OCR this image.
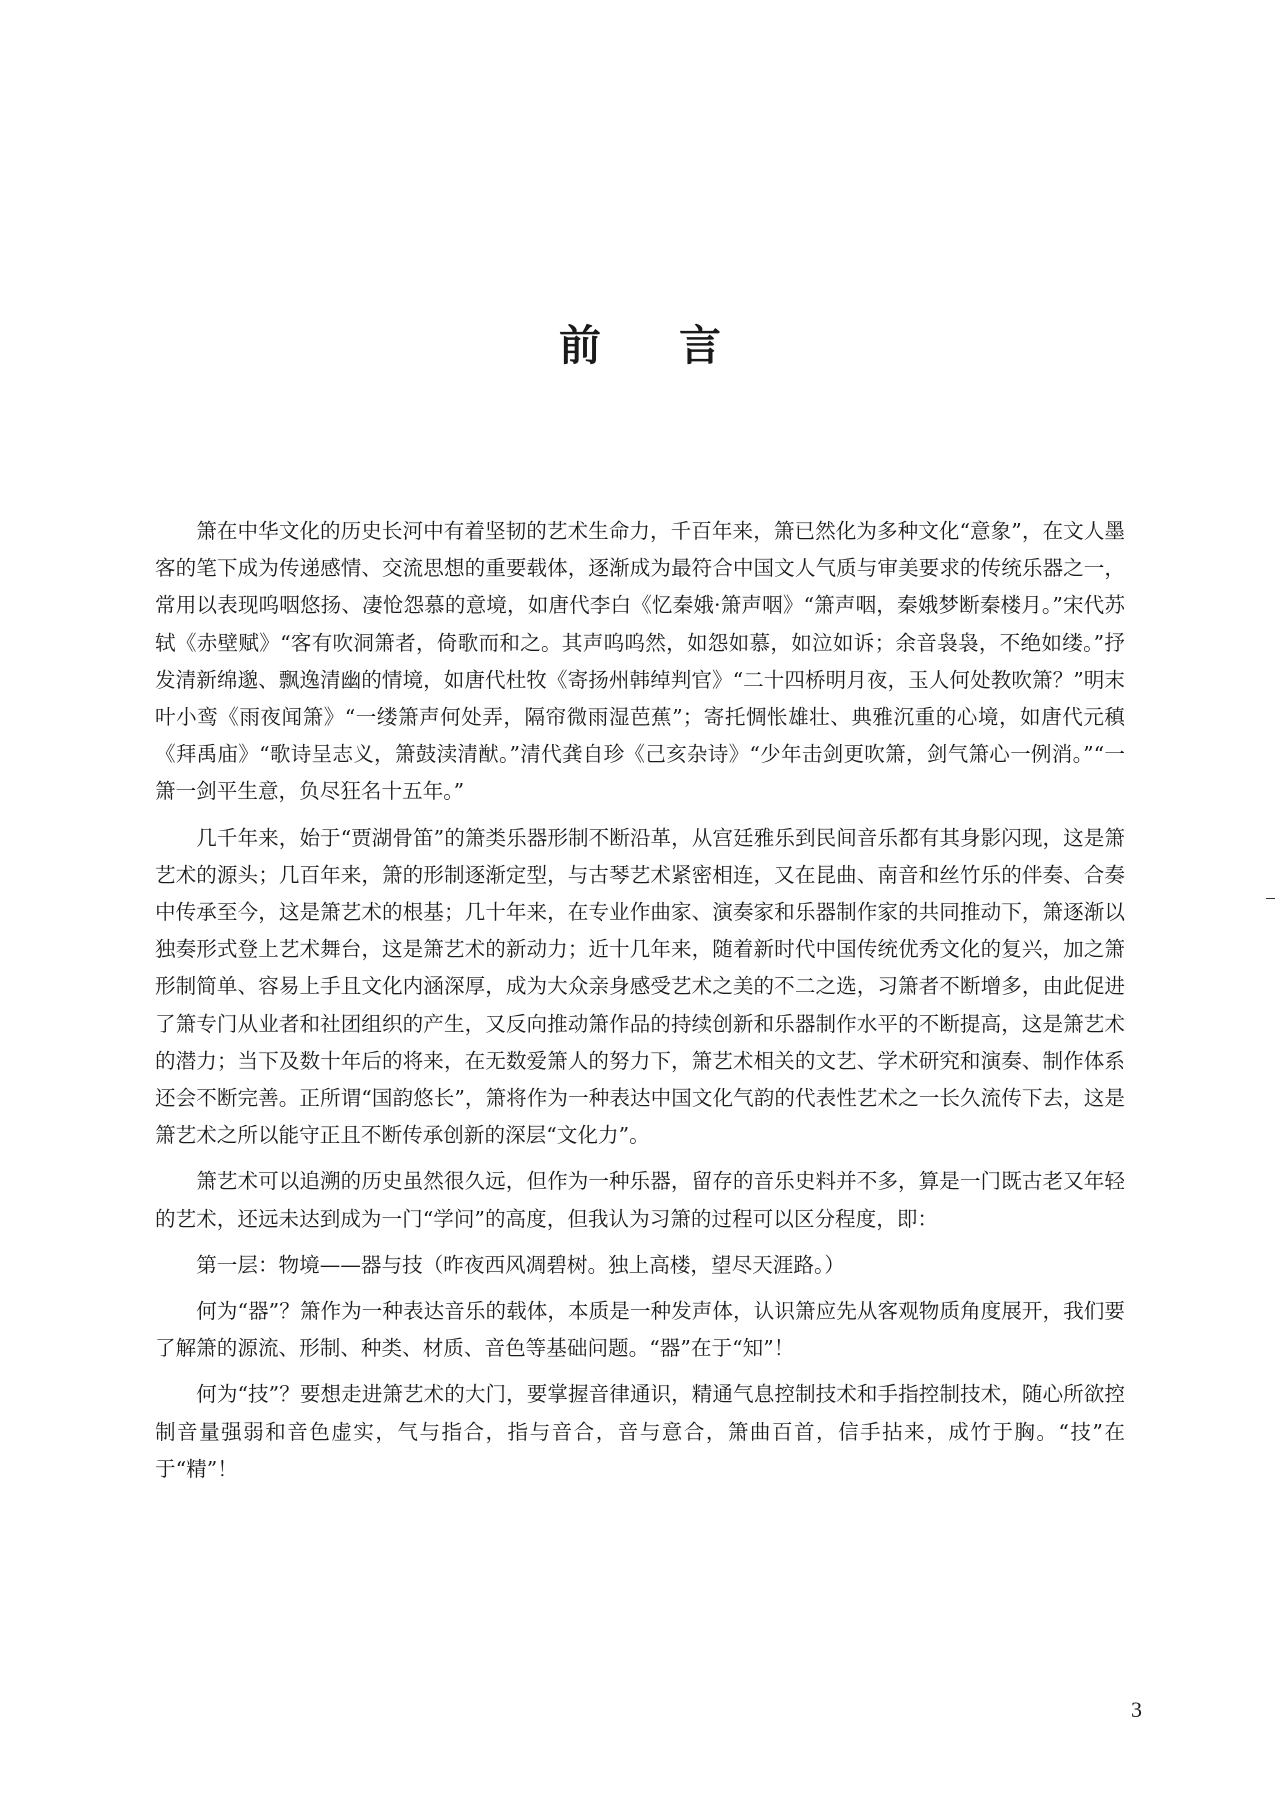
前 言

箫在中华文化的历史长河中有着坚韧的艺术生命力，千百年来，箫已然化为多种文化“意象”，在文人墨客的笔下成为传递感情、交流思想的重要载体，逐渐成为最符合中国文人气质与审美要求的传统乐器之一，常用以表现呜咽悠扬、凄怆怨慕的意境，如唐代李白《忆秦娥·箫声咽》“箫声咽，秦娥梦断秦楼月。”宋代苏轼《赤壁赋》“客有吹洞箫者，倚歌而和之。其声呜呜然，如怨如慕，如泣如诉；余音袅袅，不绝如缕。”抒发清新绵邈、飘逸清幽的情境，如唐代杜牧《寄扬州韩绰判官》“二十四桥明月夜，玉人何处教吹箫？”明末叶小鸾《雨夜闻箫》“一缕箫声何处弄，隔帘微雨湿芭蕉”；寄托惆怅雄壮、典雅沉重的心境，如唐代元稹《拜禹庙》“歌诗呈志义，箫鼓渎清猷。”清代龚自珍《己亥杂诗》“少年击剑更吹箫，剑气箫心一例消。”“一箫一剑平生意，负尽狂名十五年。”

几千年来，始于“贾湖骨笛”的箫类乐器形制不断沿革，从宫廷雅乐到民间音乐都有其身影闪现，这是箫艺术的源头；几百年来，箫的形制逐渐定型，与古琴艺术紧密相连，又在昆曲、南音和丝竹乐的伴奏、合奏中传承至今，这是箫艺术的根基；几十年来，在专业作曲家、演奏家和乐器制作家的共同推动下，箫逐渐以独奏形式登上艺术舞台，这是箫艺术的新动力；近十几年来，随着新时代中国传统优秀文化的复兴，加之箫形制简单、容易上手且文化内涵深厚，成为大众亲身感受艺术之美的不二之选，习箫者不断增多，由此促进了箫专门从业者和社团组织的产生，又反向推动箫作品的持续创新和乐器制作水平的不断提高，这是箫艺术的潜力；当下及数十年后的将来，在无数爱箫人的努力下，箫艺术相关的文艺、学术研究和演奏、制作体系还会不断完善。正所谓“国韵悠长”，箫将作为一种表达中国文化气韵的代表性艺术之一长久流传下去，这是箫艺术之所以能守正且不断传承创新的深层“文化力”。

箫艺术可以追溯的历史虽然很久远，但作为一种乐器，留存的音乐史料并不多，算是一门既古老又年轻的艺术，还远未达到成为一门“学问”的高度，但我认为习箫的过程可以区分程度，即：

第一层：物境——器与技（昨夜西风凋碧树。独上高楼，望尽天涯路。）

何为“器”？箫作为一种表达音乐的载体，本质是一种发声体，认识箫应先从客观物质角度展开，我们要了解箫的源流、形制、种类、材质、音色等基础问题。“器”在于“知”！

何为“技”？要想走进箫艺术的大门，要掌握音律通识，精通气息控制技术和手指控制技术，随心所欲控制音量强弱和音色虚实，气与指合，指与音合，音与意合，箫曲百首，信手拈来，成竹于胸。“技”在于“精”！

3
